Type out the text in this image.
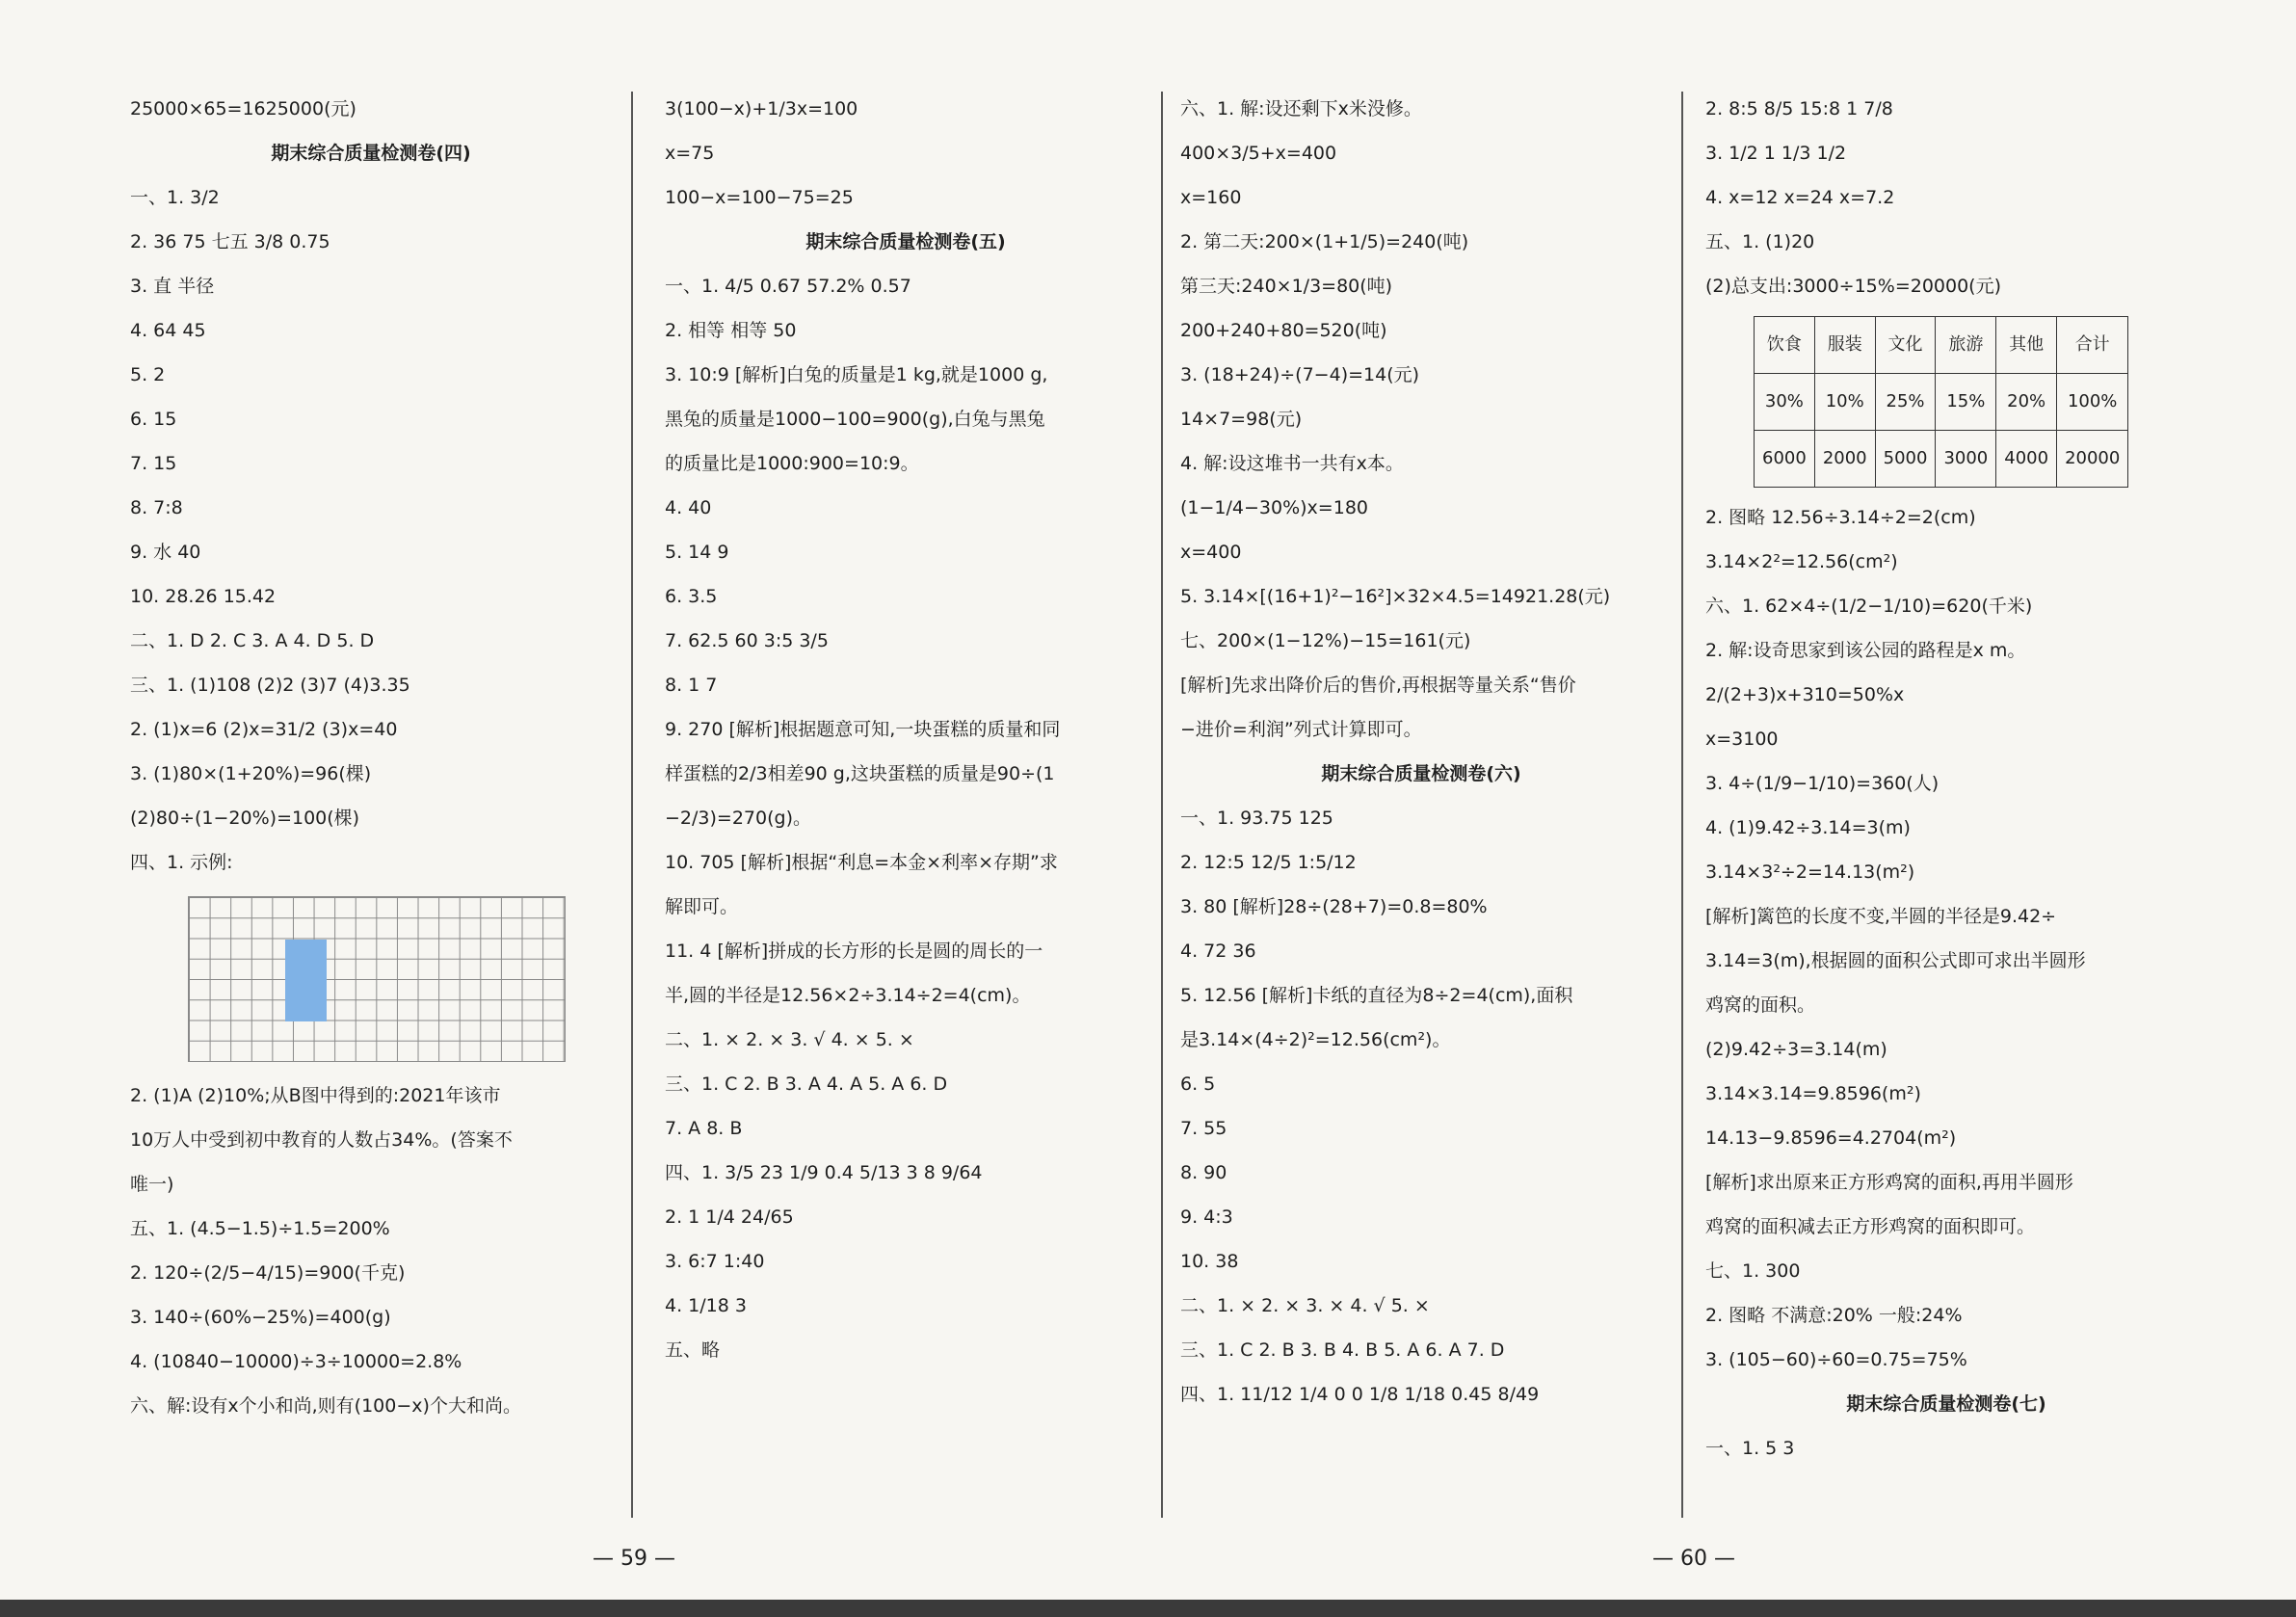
25000×65=1625000(元)
期末综合质量检测卷(四)
一、1. 3/2
2. 36 75 七五 3/8 0.75
3. 直 半径
4. 64 45
5. 2
6. 15
7. 15
8. 7:8
9. 水 40
10. 28.26 15.42
二、1. D 2. C 3. A 4. D 5. D
三、1. (1)108 (2)2 (3)7 (4)3.35
2. (1)x=6 (2)x=31/2 (3)x=40
3. (1)80×(1+20%)=96(棵)
(2)80÷(1−20%)=100(棵)
四、1. 示例:
2. (1)A (2)10%;从B图中得到的:2021年该市
10万人中受到初中教育的人数占34%。(答案不
唯一)
五、1. (4.5−1.5)÷1.5=200%
2. 120÷(2/5−4/15)=900(千克)
3. 140÷(60%−25%)=400(g)
4. (10840−10000)÷3÷10000=2.8%
六、解:设有x个小和尚,则有(100−x)个大和尚。
3(100−x)+1/3x=100
x=75
100−x=100−75=25
期末综合质量检测卷(五)
一、1. 4/5 0.67 57.2% 0.57
2. 相等 相等 50
3. 10:9 [解析]白兔的质量是1 kg,就是1000 g,
黑兔的质量是1000−100=900(g),白兔与黑兔
的质量比是1000:900=10:9。
4. 40
5. 14 9
6. 3.5
7. 62.5 60 3:5 3/5
8. 1 7
9. 270 [解析]根据题意可知,一块蛋糕的质量和同
样蛋糕的2/3相差90 g,这块蛋糕的质量是90÷(1
−2/3)=270(g)。
10. 705 [解析]根据“利息=本金×利率×存期”求
解即可。
11. 4 [解析]拼成的长方形的长是圆的周长的一
半,圆的半径是12.56×2÷3.14÷2=4(cm)。
二、1. × 2. × 3. √ 4. × 5. ×
三、1. C 2. B 3. A 4. A 5. A 6. D
7. A 8. B
四、1. 3/5 23 1/9 0.4 5/13 3 8 9/64
2. 1 1/4 24/65
3. 6:7 1:40
4. 1/18 3
五、略
六、1. 解:设还剩下x米没修。
400×3/5+x=400
x=160
2. 第二天:200×(1+1/5)=240(吨)
第三天:240×1/3=80(吨)
200+240+80=520(吨)
3. (18+24)÷(7−4)=14(元)
14×7=98(元)
4. 解:设这堆书一共有x本。
(1−1/4−30%)x=180
x=400
5. 3.14×[(16+1)²−16²]×32×4.5=14921.28(元)
七、200×(1−12%)−15=161(元)
[解析]先求出降价后的售价,再根据等量关系“售价
−进价=利润”列式计算即可。
期末综合质量检测卷(六)
一、1. 93.75 125
2. 12:5 12/5 1:5/12
3. 80 [解析]28÷(28+7)=0.8=80%
4. 72 36
5. 12.56 [解析]卡纸的直径为8÷2=4(cm),面积
是3.14×(4÷2)²=12.56(cm²)。
6. 5
7. 55
8. 90
9. 4:3
10. 38
二、1. × 2. × 3. × 4. √ 5. ×
三、1. C 2. B 3. B 4. B 5. A 6. A 7. D
四、1. 11/12 1/4 0 0 1/8 1/18 0.45 8/49
2. 8:5 8/5 15:8 1 7/8
3. 1/2 1 1/3 1/2
4. x=12 x=24 x=7.2
五、1. (1)20
(2)总支出:3000÷15%=20000(元)
饮食	服装	文化	旅游	其他	合计
30%	10%	25%	15%	20%	100%
6000	2000	5000	3000	4000	20000
2. 图略 12.56÷3.14÷2=2(cm)
3.14×2²=12.56(cm²)
六、1. 62×4÷(1/2−1/10)=620(千米)
2. 解:设奇思家到该公园的路程是x m。
2/(2+3)x+310=50%x
x=3100
3. 4÷(1/9−1/10)=360(人)
4. (1)9.42÷3.14=3(m)
3.14×3²÷2=14.13(m²)
[解析]篱笆的长度不变,半圆的半径是9.42÷
3.14=3(m),根据圆的面积公式即可求出半圆形
鸡窝的面积。
(2)9.42÷3=3.14(m)
3.14×3.14=9.8596(m²)
14.13−9.8596=4.2704(m²)
[解析]求出原来正方形鸡窝的面积,再用半圆形
鸡窝的面积减去正方形鸡窝的面积即可。
七、1. 300
2. 图略 不满意:20% 一般:24%
3. (105−60)÷60=0.75=75%
期末综合质量检测卷(七)
一、1. 5 3
— 59 —	— 60 —
